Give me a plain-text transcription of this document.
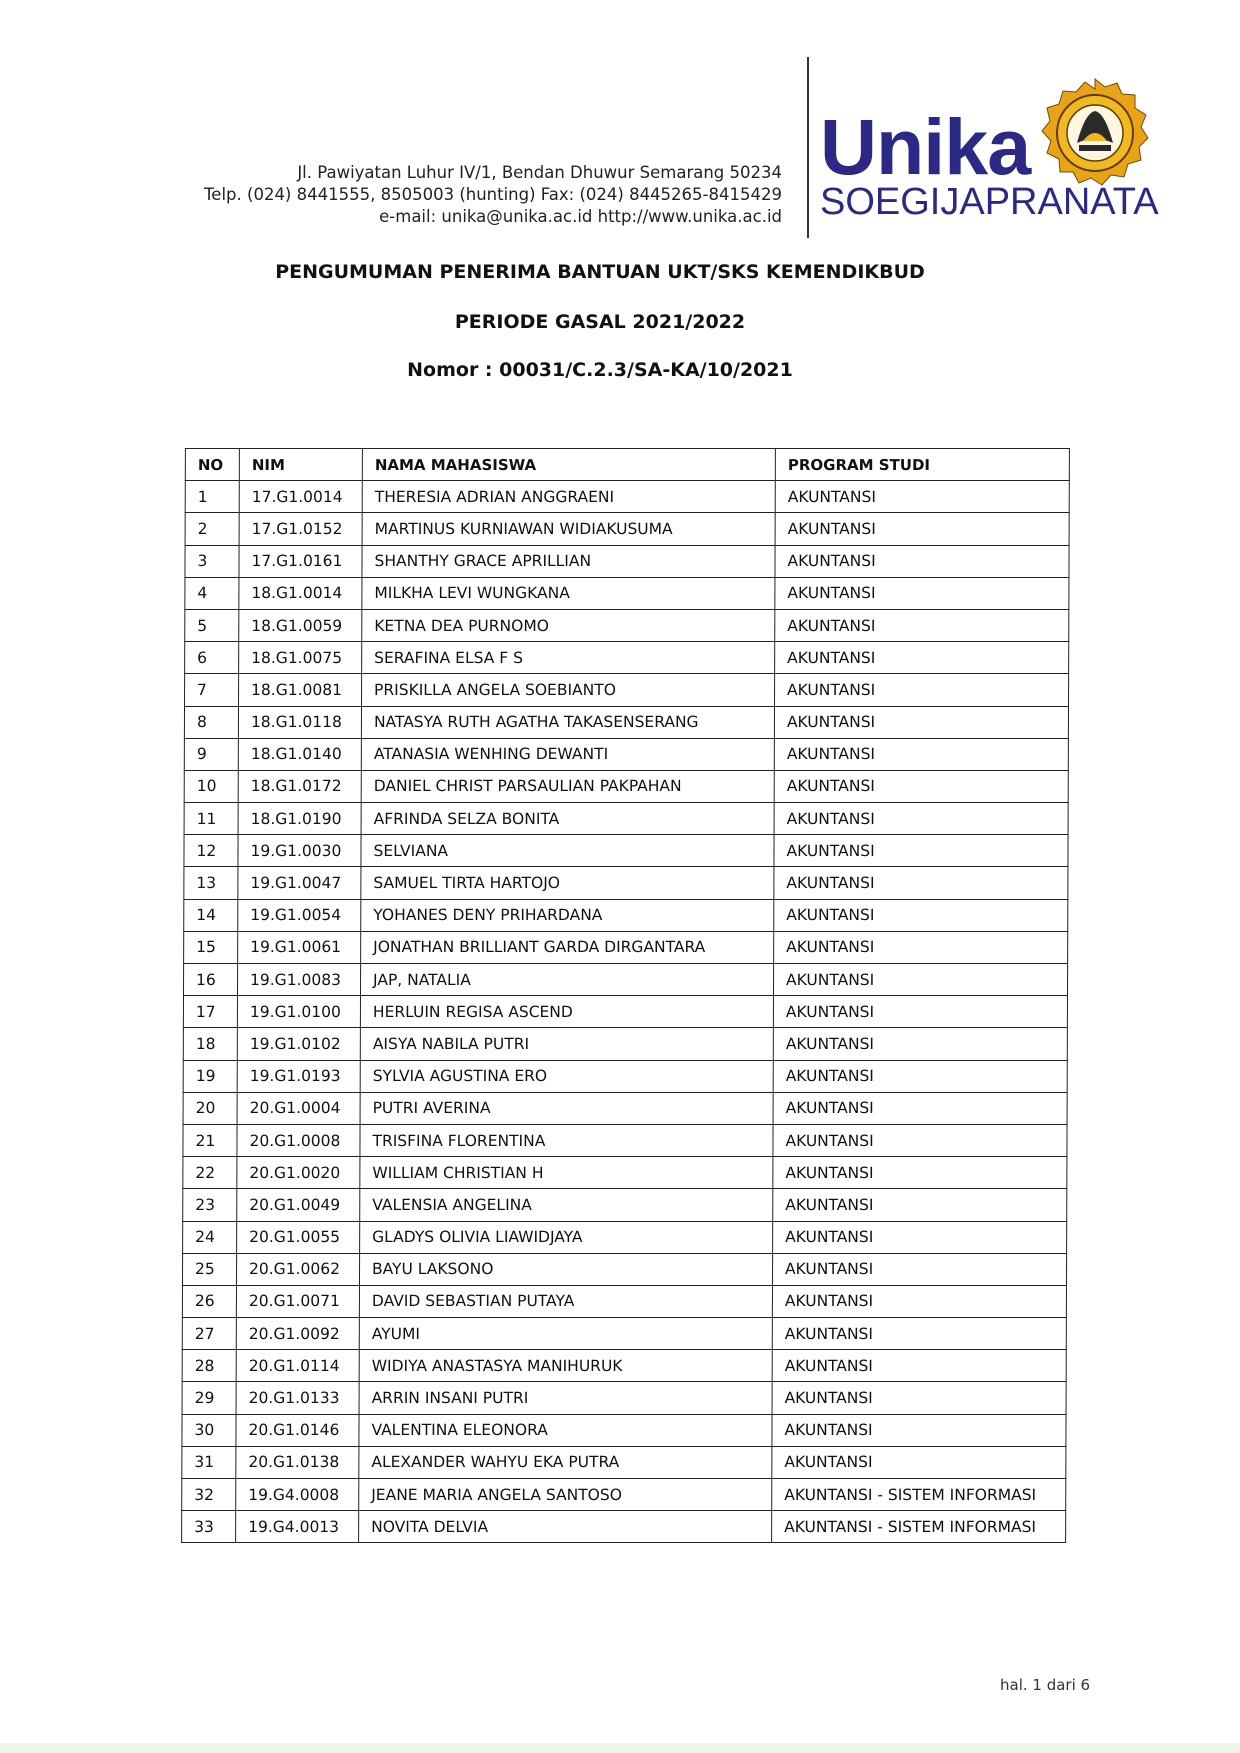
Jl. Pawiyatan Luhur IV/1, Bendan Dhuwur Semarang 50234
Telp. (024) 8441555, 8505003 (hunting) Fax: (024) 8445265-8415429
e-mail: unika@unika.ac.id http://www.unika.ac.id
Unika
SOEGIJAPRANATA
PENGUMUMAN PENERIMA BANTUAN UKT/SKS KEMENDIKBUD
PERIODE GASAL 2021/2022
Nomor : 00031/C.2.3/SA-KA/10/2021
NO	NIM	NAMA MAHASISWA	PROGRAM STUDI
1	17.G1.0014	THERESIA ADRIAN ANGGRAENI	AKUNTANSI
2	17.G1.0152	MARTINUS KURNIAWAN WIDIAKUSUMA	AKUNTANSI
3	17.G1.0161	SHANTHY GRACE APRILLIAN	AKUNTANSI
4	18.G1.0014	MILKHA LEVI WUNGKANA	AKUNTANSI
5	18.G1.0059	KETNA DEA PURNOMO	AKUNTANSI
6	18.G1.0075	SERAFINA ELSA F S	AKUNTANSI
7	18.G1.0081	PRISKILLA ANGELA SOEBIANTO	AKUNTANSI
8	18.G1.0118	NATASYA RUTH AGATHA TAKASENSERANG	AKUNTANSI
9	18.G1.0140	ATANASIA WENHING DEWANTI	AKUNTANSI
10	18.G1.0172	DANIEL CHRIST PARSAULIAN PAKPAHAN	AKUNTANSI
11	18.G1.0190	AFRINDA SELZA BONITA	AKUNTANSI
12	19.G1.0030	SELVIANA	AKUNTANSI
13	19.G1.0047	SAMUEL TIRTA HARTOJO	AKUNTANSI
14	19.G1.0054	YOHANES DENY PRIHARDANA	AKUNTANSI
15	19.G1.0061	JONATHAN BRILLIANT GARDA DIRGANTARA	AKUNTANSI
16	19.G1.0083	JAP, NATALIA	AKUNTANSI
17	19.G1.0100	HERLUIN REGISA ASCEND	AKUNTANSI
18	19.G1.0102	AISYA NABILA PUTRI	AKUNTANSI
19	19.G1.0193	SYLVIA AGUSTINA ERO	AKUNTANSI
20	20.G1.0004	PUTRI AVERINA	AKUNTANSI
21	20.G1.0008	TRISFINA FLORENTINA	AKUNTANSI
22	20.G1.0020	WILLIAM CHRISTIAN H	AKUNTANSI
23	20.G1.0049	VALENSIA ANGELINA	AKUNTANSI
24	20.G1.0055	GLADYS OLIVIA LIAWIDJAYA	AKUNTANSI
25	20.G1.0062	BAYU LAKSONO	AKUNTANSI
26	20.G1.0071	DAVID SEBASTIAN PUTAYA	AKUNTANSI
27	20.G1.0092	AYUMI	AKUNTANSI
28	20.G1.0114	WIDIYA ANASTASYA MANIHURUK	AKUNTANSI
29	20.G1.0133	ARRIN INSANI PUTRI	AKUNTANSI
30	20.G1.0146	VALENTINA ELEONORA	AKUNTANSI
31	20.G1.0138	ALEXANDER WAHYU EKA PUTRA	AKUNTANSI
32	19.G4.0008	JEANE MARIA ANGELA SANTOSO	AKUNTANSI - SISTEM INFORMASI
33	19.G4.0013	NOVITA DELVIA	AKUNTANSI - SISTEM INFORMASI
hal. 1 dari 6
